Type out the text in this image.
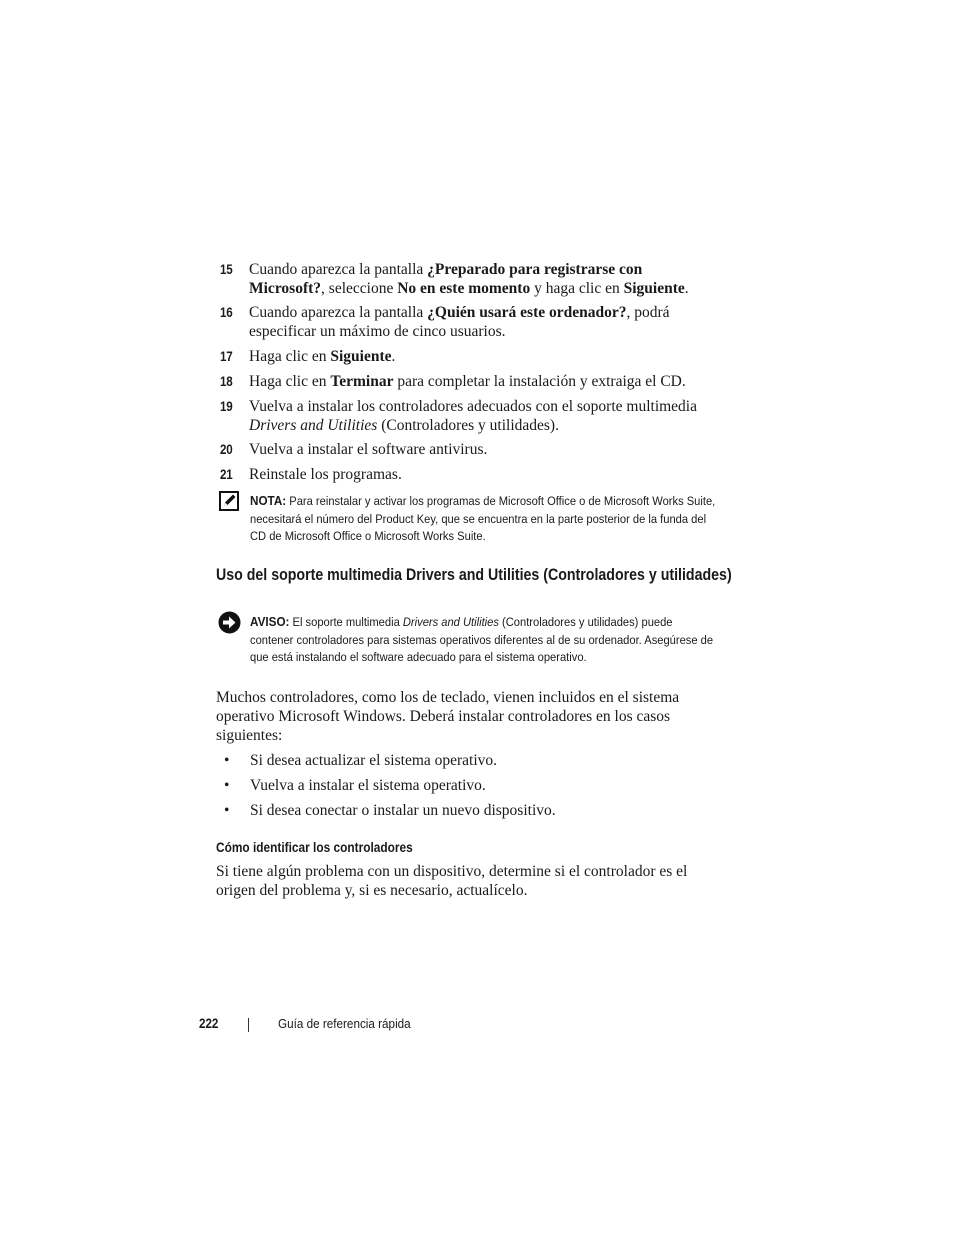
15 Cuando aparezca la pantalla ¿Preparado para registrarse con Microsoft?, seleccione No en este momento y haga clic en Siguiente.
16 Cuando aparezca la pantalla ¿Quién usará este ordenador?, podrá especificar un máximo de cinco usuarios.
17 Haga clic en Siguiente.
18 Haga clic en Terminar para completar la instalación y extraiga el CD.
19 Vuelva a instalar los controladores adecuados con el soporte multimedia Drivers and Utilities (Controladores y utilidades).
20 Vuelva a instalar el software antivirus.
21 Reinstale los programas.
NOTA: Para reinstalar y activar los programas de Microsoft Office o de Microsoft Works Suite, necesitará el número del Product Key, que se encuentra en la parte posterior de la funda del CD de Microsoft Office o Microsoft Works Suite.
Uso del soporte multimedia Drivers and Utilities (Controladores y utilidades)
AVISO: El soporte multimedia Drivers and Utilities (Controladores y utilidades) puede contener controladores para sistemas operativos diferentes al de su ordenador. Asegúrese de que está instalando el software adecuado para el sistema operativo.
Muchos controladores, como los de teclado, vienen incluidos en el sistema operativo Microsoft Windows. Deberá instalar controladores en los casos siguientes:
• Si desea actualizar el sistema operativo.
• Vuelva a instalar el sistema operativo.
• Si desea conectar o instalar un nuevo dispositivo.
Cómo identificar los controladores
Si tiene algún problema con un dispositivo, determine si el controlador es el origen del problema y, si es necesario, actualícelo.
222	Guía de referencia rápida
